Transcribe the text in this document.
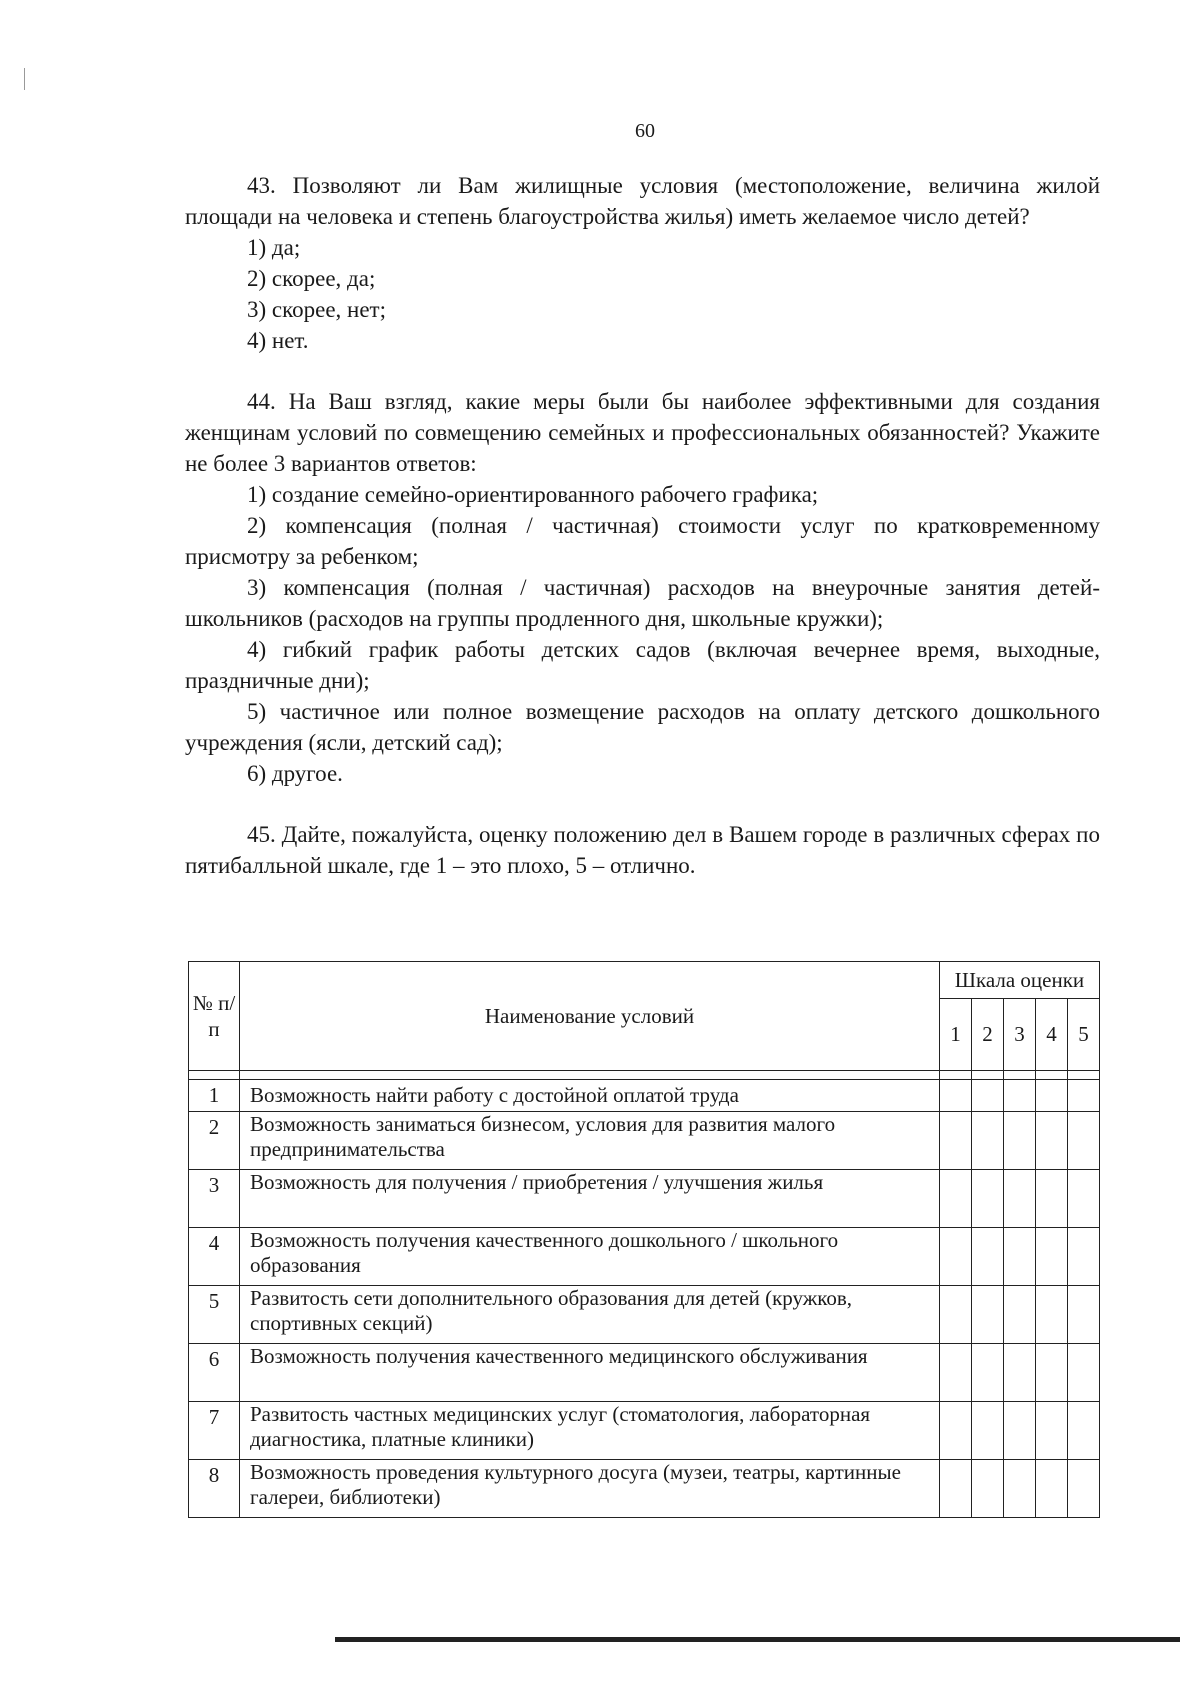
60

43. Позволяют ли Вам жилищные условия (местоположение, величина жилой площади на человека и степень благоустройства жилья) иметь желаемое число детей?

1) да;

2) скорее, да;

3) скорее, нет;

4) нет.

44. На Ваш взгляд, какие меры были бы наиболее эффективными для создания женщинам условий по совмещению семейных и профессиональных обязанностей? Укажите не более 3 вариантов ответов:

1) создание семейно-ориентированного рабочего графика;

2) компенсация (полная / частичная) стоимости услуг по кратковременному присмотру за ребенком;

3) компенсация (полная / частичная) расходов на внеурочные занятия детей-школьников (расходов на группы продленного дня, школьные кружки);

4) гибкий график работы детских садов (включая вечернее время, выходные, праздничные дни);

5) частичное или полное возмещение расходов на оплату детского дошкольного учреждения (ясли, детский сад);

6) другое.

45. Дайте, пожалуйста, оценку положению дел в Вашем городе в различных сферах по пятибалльной шкале, где 1 – это плохо, 5 – отлично.

№ п/п	Наименование условий	Шкала оценки				
		1	2	3	4	5

1	Возможность найти работу с достойной оплатой труда					
2	Возможность заниматься бизнесом, условия для развития малого предпринимательства					
3	Возможность для получения / приобретения / улучшения жилья					
4	Возможность получения качественного дошкольного / школьного образования					
5	Развитость сети дополнительного образования для детей (кружков, спортивных секций)					
6	Возможность получения качественного медицинского обслуживания					
7	Развитость частных медицинских услуг (стоматология, лабораторная диагностика, платные клиники)					
8	Возможность проведения культурного досуга (музеи, театры, картинные галереи, библиотеки)					
